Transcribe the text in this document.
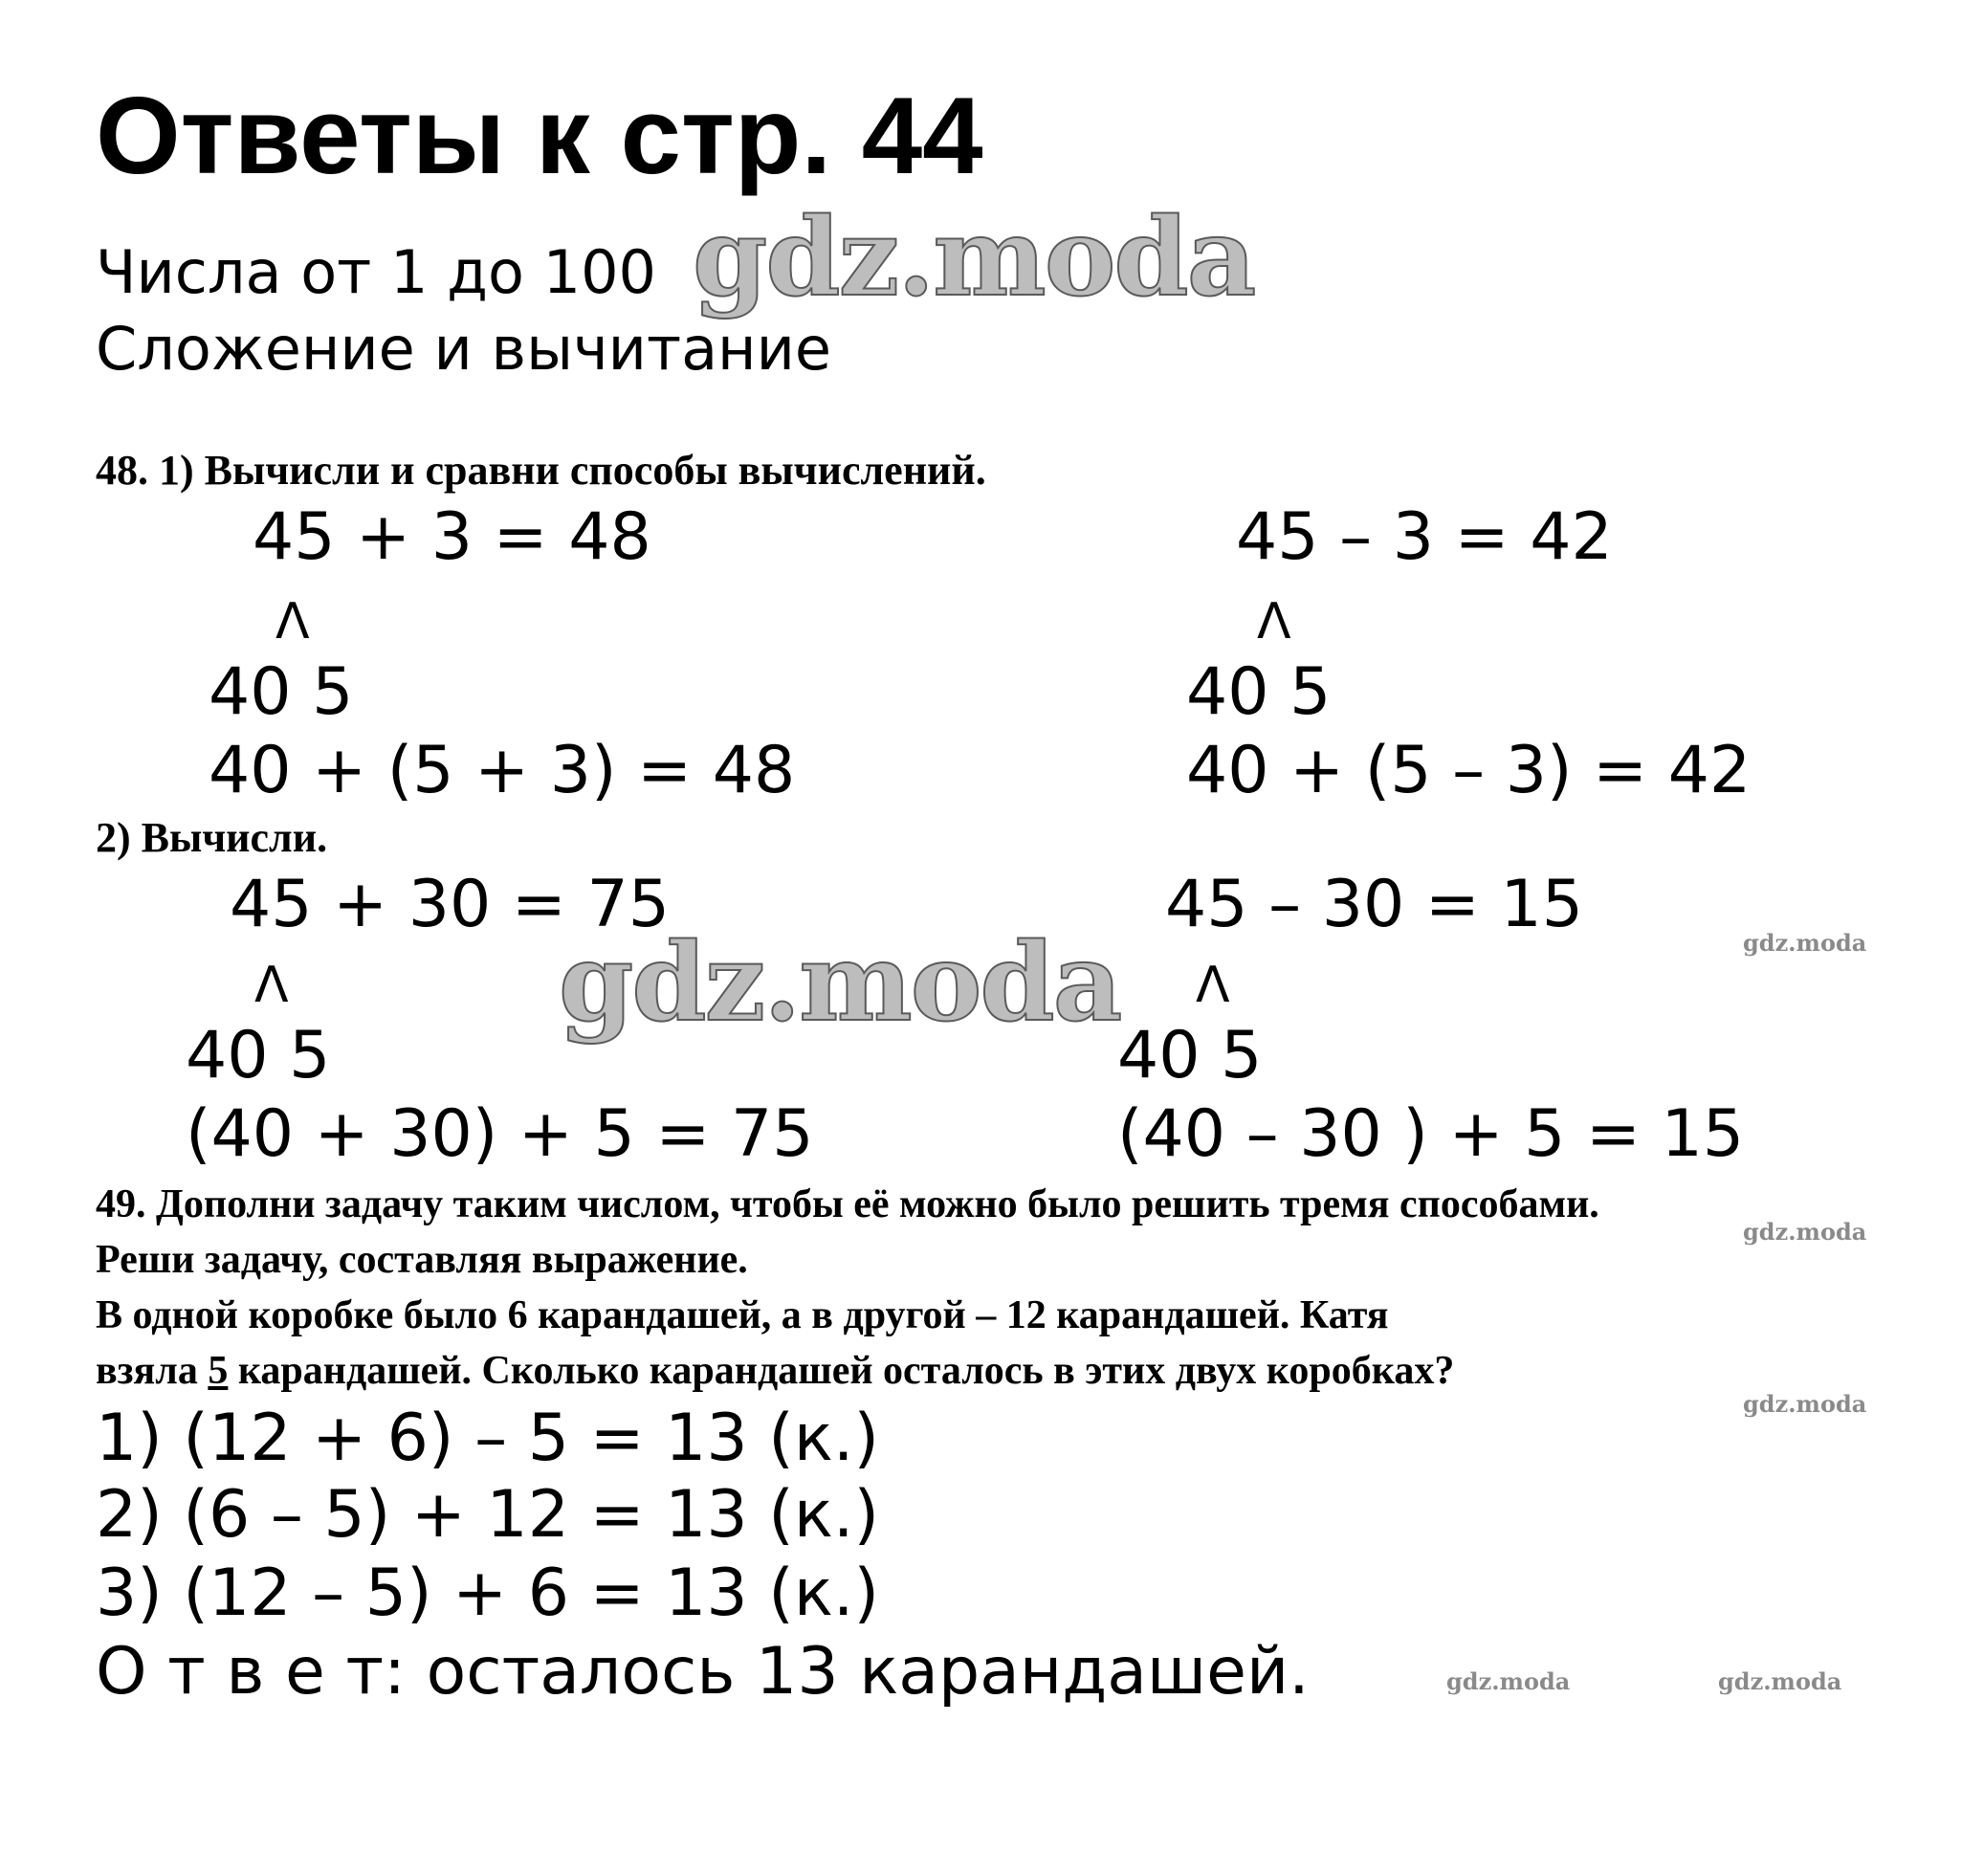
Ответы к стр. 44
Числа от 1 до 100
Сложение и вычитание
gdz.moda
gdz.moda	gdz.moda
gdz.moda
gdz.moda
gdz.moda	gdz.moda
48. 1) Вычисли и сравни способы вычислений.
45 + 3 = 48
Λ
40 5
40 + (5 + 3) = 48
45 – 3 = 42
Λ
40 5
40 + (5 – 3) = 42
2) Вычисли.
45 + 30 = 75
Λ
40 5
(40 + 30) + 5 = 75
45 – 30 = 15
Λ
40 5
(40 – 30 ) + 5 = 15
49. Дополни задачу таким числом, чтобы её можно было решить тремя способами.
Реши задачу, составляя выражение.
В одной коробке было 6 карандашей, а в другой – 12 карандашей. Катя
взяла 5 карандашей. Сколько карандашей осталось в этих двух коробках?
1) (12 + 6) – 5 = 13 (к.)
2) (6 – 5) + 12 = 13 (к.)
3) (12 – 5) + 6 = 13 (к.)
О т в е т: осталось 13 карандашей.
